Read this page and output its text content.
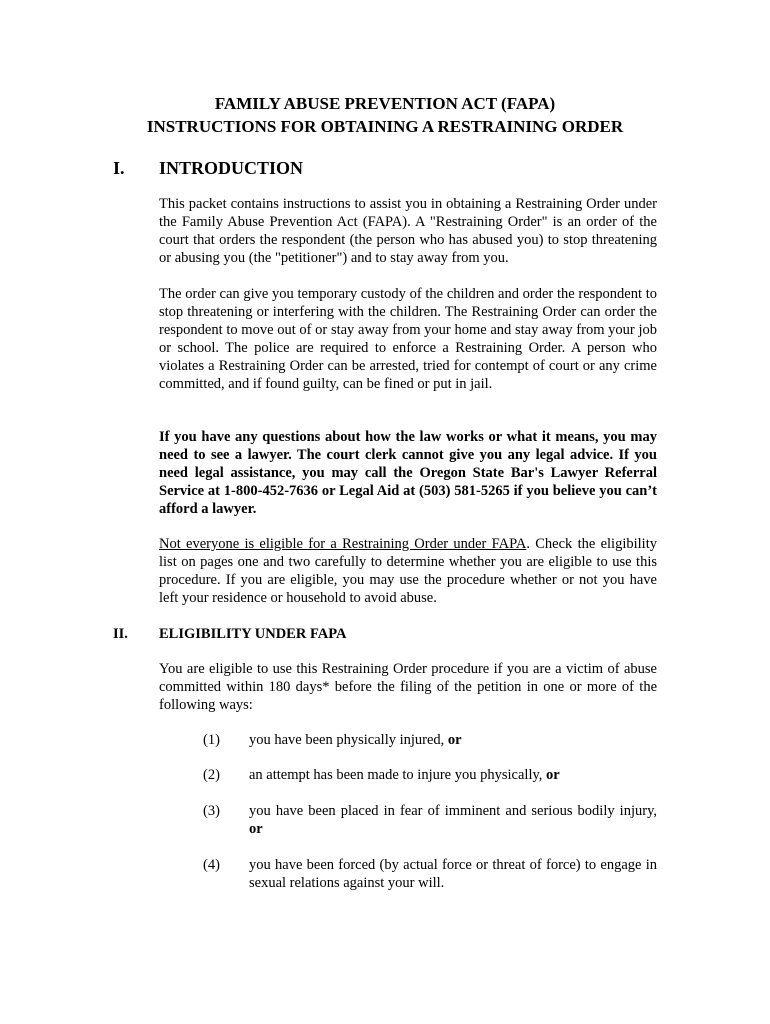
FAMILY ABUSE PREVENTION ACT (FAPA)
INSTRUCTIONS FOR OBTAINING A RESTRAINING ORDER
I. INTRODUCTION
This packet contains instructions to assist you in obtaining a Restraining Order under the Family Abuse Prevention Act (FAPA). A "Restraining Order" is an order of the court that orders the respondent (the person who has abused you) to stop threatening or abusing you (the "petitioner") and to stay away from you.
The order can give you temporary custody of the children and order the respondent to stop threatening or interfering with the children. The Restraining Order can order the respondent to move out of or stay away from your home and stay away from your job or school. The police are required to enforce a Restraining Order. A person who violates a Restraining Order can be arrested, tried for contempt of court or any crime committed, and if found guilty, can be fined or put in jail.
If you have any questions about how the law works or what it means, you may need to see a lawyer. The court clerk cannot give you any legal advice. If you need legal assistance, you may call the Oregon State Bar's Lawyer Referral Service at 1-800-452-7636 or Legal Aid at (503) 581-5265 if you believe you can’t afford a lawyer.
Not everyone is eligible for a Restraining Order under FAPA. Check the eligibility list on pages one and two carefully to determine whether you are eligible to use this procedure. If you are eligible, you may use the procedure whether or not you have left your residence or household to avoid abuse.
II. ELIGIBILITY UNDER FAPA
You are eligible to use this Restraining Order procedure if you are a victim of abuse committed within 180 days* before the filing of the petition in one or more of the following ways:
(1) you have been physically injured, or
(2) an attempt has been made to injure you physically, or
(3) you have been placed in fear of imminent and serious bodily injury, or
(4) you have been forced (by actual force or threat of force) to engage in sexual relations against your will.
